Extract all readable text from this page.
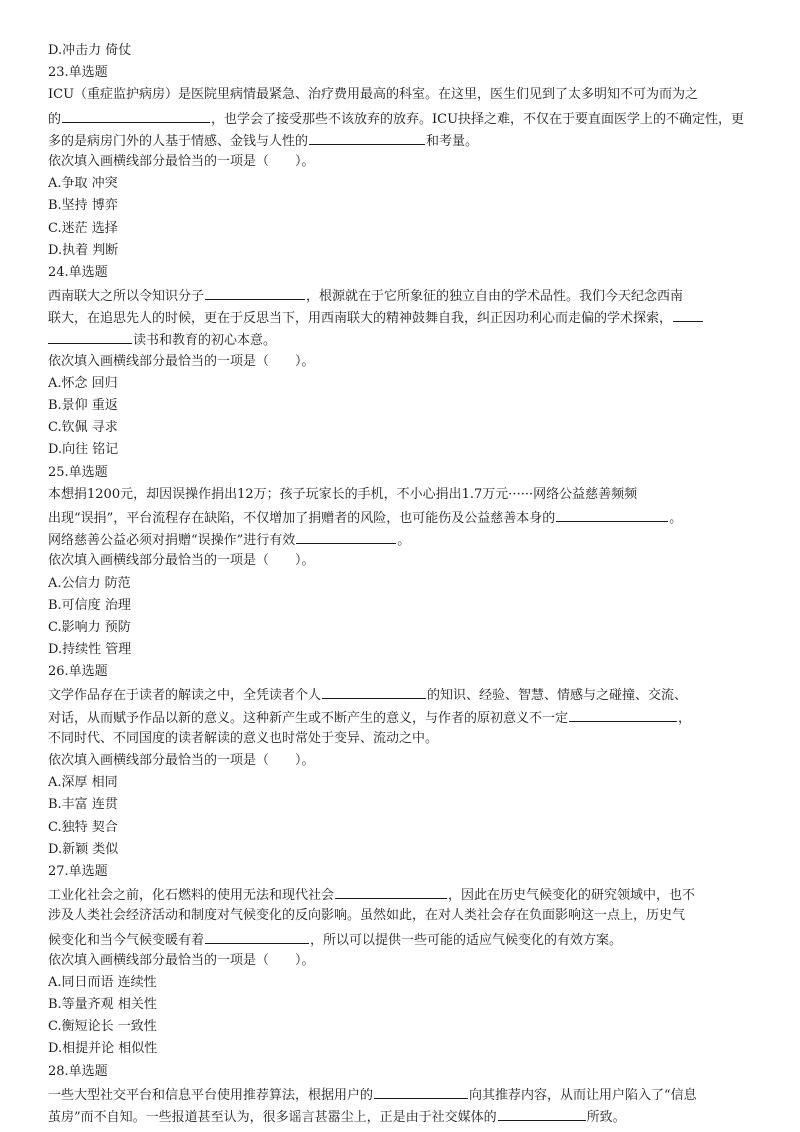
D.冲击力 倚仗
23.单选题
ICU（重症监护病房）是医院里病情最紧急、治疗费用最高的科室。在这里，医生们见到了太多明知不可为而为之
的	，也学会了接受那些不该放弃的放弃。ICU抉择之难，不仅在于要直面医学上的不确定性，更
多的是病房门外的人基于情感、金钱与人性的	和考量。
依次填入画横线部分最恰当的一项是（　　）。
A.争取 冲突
B.坚持 博弈
C.迷茫 选择
D.执着 判断
24.单选题
西南联大之所以令知识分子	，根源就在于它所象征的独立自由的学术品性。我们今天纪念西南
联大，在追思先人的时候，更在于反思当下，用西南联大的精神鼓舞自我，纠正因功利心而走偏的学术探索，
读书和教育的初心本意。
依次填入画横线部分最恰当的一项是（　　）。
A.怀念 回归
B.景仰 重返
C.钦佩 寻求
D.向往 铭记
25.单选题
本想捐1200元，却因误操作捐出12万；孩子玩家长的手机，不小心捐出1.7万元······网络公益慈善频频
出现“误捐”，平台流程存在缺陷，不仅增加了捐赠者的风险，也可能伤及公益慈善本身的	。
网络慈善公益必须对捐赠“误操作”进行有效	。
依次填入画横线部分最恰当的一项是（　　）。
A.公信力 防范
B.可信度 治理
C.影响力 预防
D.持续性 管理
26.单选题
文学作品存在于读者的解读之中，全凭读者个人	的知识、经验、智慧、情感与之碰撞、交流、
对话，从而赋予作品以新的意义。这种新产生或不断产生的意义，与作者的原初意义不一定	，
不同时代、不同国度的读者解读的意义也时常处于变异、流动之中。
依次填入画横线部分最恰当的一项是（　　）。
A.深厚 相同
B.丰富 连贯
C.独特 契合
D.新颖 类似
27.单选题
工业化社会之前，化石燃料的使用无法和现代社会	，因此在历史气候变化的研究领域中，也不
涉及人类社会经济活动和制度对气候变化的反向影响。虽然如此，在对人类社会存在负面影响这一点上，历史气
候变化和当今气候变暖有着	，所以可以提供一些可能的适应气候变化的有效方案。
依次填入画横线部分最恰当的一项是（　　）。
A.同日而语 连续性
B.等量齐观 相关性
C.衡短论长 一致性
D.相提并论 相似性
28.单选题
一些大型社交平台和信息平台使用推荐算法，根据用户的	向其推荐内容，从而让用户陷入了“信息
茧房”而不自知。一些报道甚至认为，很多谣言甚嚣尘上，正是由于社交媒体的	所致。
